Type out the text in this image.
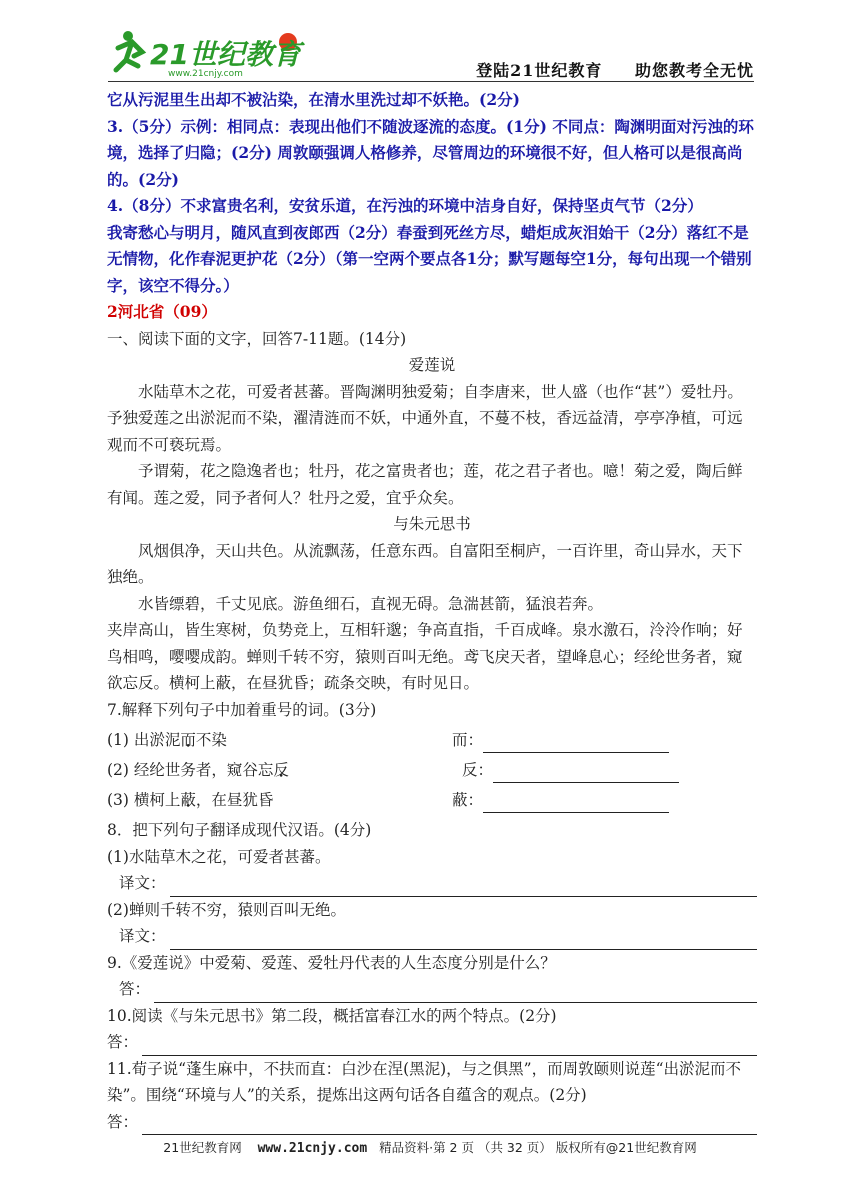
21世纪教育
www.21cnjy.com	登陆21世纪教育 助您教考全无忧

它从污泥里生出却不被沾染，在清水里洗过却不妖艳。(2分)

3.（5分）示例：相同点：表现出他们不随波逐流的态度。(1分) 不同点：陶渊明面对污浊的环境，选择了归隐；(2分) 周敦颐强调人格修养，尽管周边的环境很不好，但人格可以是很高尚的。(2分)

4.（8分）不求富贵名利，安贫乐道，在污浊的环境中洁身自好，保持坚贞气节（2分）

我寄愁心与明月，随风直到夜郎西（2分）春蚕到死丝方尽，蜡炬成灰泪始干（2分）落红不是无情物，化作春泥更护花（2分）（第一空两个要点各1分；默写题每空1分，每句出现一个错别字，该空不得分。）

2河北省（09）

一、阅读下面的文字，回答7-11题。(14分)

爱莲说

水陆草木之花，可爱者甚蕃。晋陶渊明独爱菊；自李唐来，世人盛（也作“甚”）爱牡丹。予独爱莲之出淤泥而不染，濯清涟而不妖，中通外直，不蔓不枝，香远益清，亭亭净植，可远观而不可亵玩焉。

予谓菊，花之隐逸者也；牡丹，花之富贵者也；莲，花之君子者也。噫！菊之爱，陶后鲜有闻。莲之爱，同予者何人？牡丹之爱，宜乎众矣。

与朱元思书

风烟俱净，天山共色。从流飘荡，任意东西。自富阳至桐庐，一百许里，奇山异水，天下独绝。

水皆缥碧，千丈见底。游鱼细石，直视无碍。急湍甚箭，猛浪若奔。

夹岸高山，皆生寒树，负势竞上，互相轩邈；争高直指，千百成峰。泉水激石，泠泠作响；好鸟相鸣，嘤嘤成韵。蝉则千转不穷，猿则百叫无绝。鸢飞戾天者，望峰息心；经纶世务者，窥欲忘反。横柯上蔽，在昼犹昏；疏条交映，有时见日。

7.解释下列句子中加着重号的词。(3分)

(1) 出淤泥而不染	而：
(2) 经纶世务者，窥谷忘反	反：
(3) 横柯上蔽，在昼犹昏	蔽：

8．把下列句子翻译成现代汉语。(4分)

(1)水陆草木之花，可爱者甚蕃。

译文：

(2)蝉则千转不穷，猿则百叫无绝。

译文：

9.《爱莲说》中爱菊、爱莲、爱牡丹代表的人生态度分别是什么？

答：

10.阅读《与朱元思书》第二段，概括富春江水的两个特点。(2分)

答：

11.荀子说“蓬生麻中，不扶而直：白沙在涅(黑泥)，与之俱黑”，而周敦颐则说莲“出淤泥而不染”。围绕“环境与人”的关系，提炼出这两句话各自蕴含的观点。(2分)

答：
21世纪教育网 www.21cnjy.com 精品资料·第 2 页 （共 32 页） 版权所有@21世纪教育网
